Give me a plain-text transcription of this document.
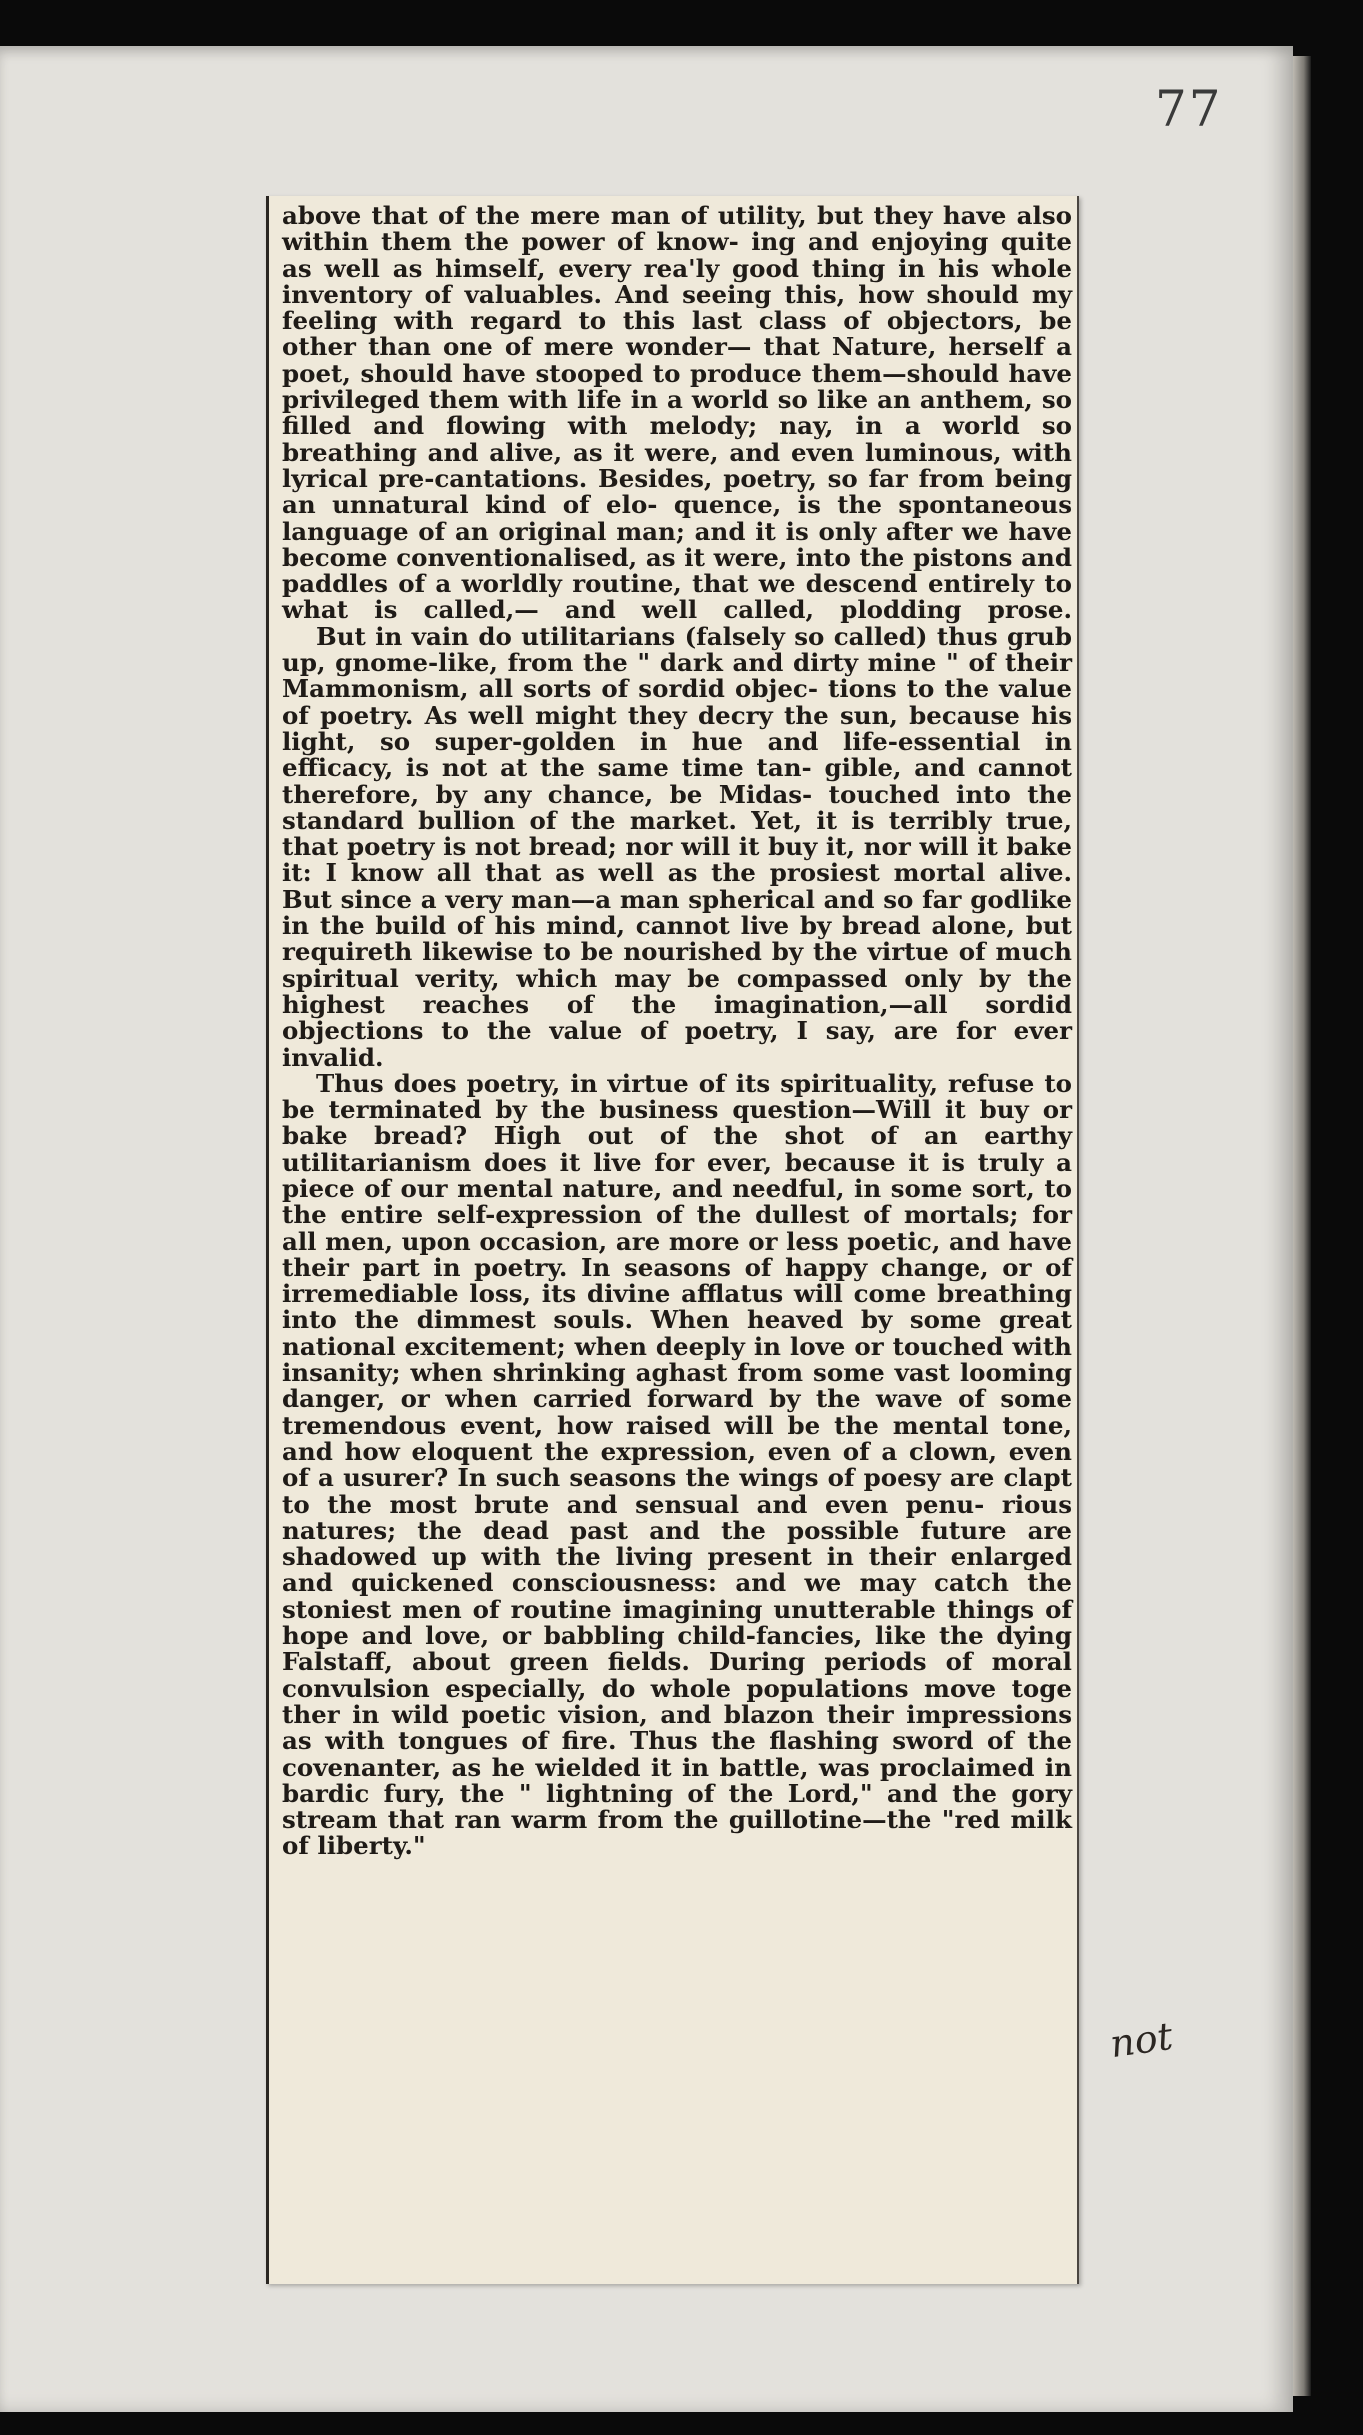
77

above that of the mere man of utility, but they have also within them the power of know- ing and enjoying quite as well as himself, every rea'ly good thing in his whole inventory of valuables. And seeing this, how should my feeling with regard to this last class of objectors, be other than one of mere wonder— that Nature, herself a poet, should have stooped to produce them—should have privileged them with life in a world so like an anthem, so filled and flowing with melody; nay, in a world so breathing and alive, as it were, and even luminous, with lyrical pre-cantations. Besides, poetry, so far from being an unnatural kind of elo- quence, is the spontaneous language of an original man; and it is only after we have become conventionalised, as it were, into the pistons and paddles of a worldly routine, that we descend entirely to what is called,— and well called, plodding prose.

But in vain do utilitarians (falsely so called) thus grub up, gnome-like, from the " dark and dirty mine " of their Mammonism, all sorts of sordid objec- tions to the value of poetry. As well might they decry the sun, because his light, so super-golden in hue and life-essential in efficacy, is not at the same time tan- gible, and cannot therefore, by any chance, be Midas- touched into the standard bullion of the market. Yet, it is terribly true, that poetry is not bread; nor will it buy it, nor will it bake it: I know all that as well as the prosiest mortal alive. But since a very man—a man spherical and so far godlike in the build of his mind, cannot live by bread alone, but requireth likewise to be nourished by the virtue of much spiritual verity, which may be compassed only by the highest reaches of the imagination,—all sordid objections to the value of poetry, I say, are for ever invalid.

Thus does poetry, in virtue of its spirituality, refuse to be terminated by the business question—Will it buy or bake bread? High out of the shot of an earthy utilitarianism does it live for ever, because it is truly a piece of our mental nature, and needful, in some sort, to the entire self-expression of the dullest of mortals; for all men, upon occasion, are more or less poetic, and have their part in poetry. In seasons of happy change, or of irremediable loss, its divine afflatus will come breathing into the dimmest souls. When heaved by some great national excitement; when deeply in love or touched with insanity; when shrinking aghast from some vast looming danger, or when carried forward by the wave of some tremendous event, how raised will be the mental tone, and how eloquent the expression, even of a clown, even of a usurer? In such seasons the wings of poesy are clapt to the most brute and sensual and even penu- rious natures; the dead past and the possible future are shadowed up with the living present in their enlarged and quickened consciousness: and we may catch the stoniest men of routine imagining unutterable things of hope and love, or babbling child-fancies, like the dying Falstaff, about green fields. During periods of moral convulsion especially, do whole populations move toge ther in wild poetic vision, and blazon their impressions as with tongues of fire. Thus the flashing sword of the covenanter, as he wielded it in battle, was proclaimed in bardic fury, the " lightning of the Lord," and the gory stream that ran warm from the guillotine—the "red milk of liberty."

not
